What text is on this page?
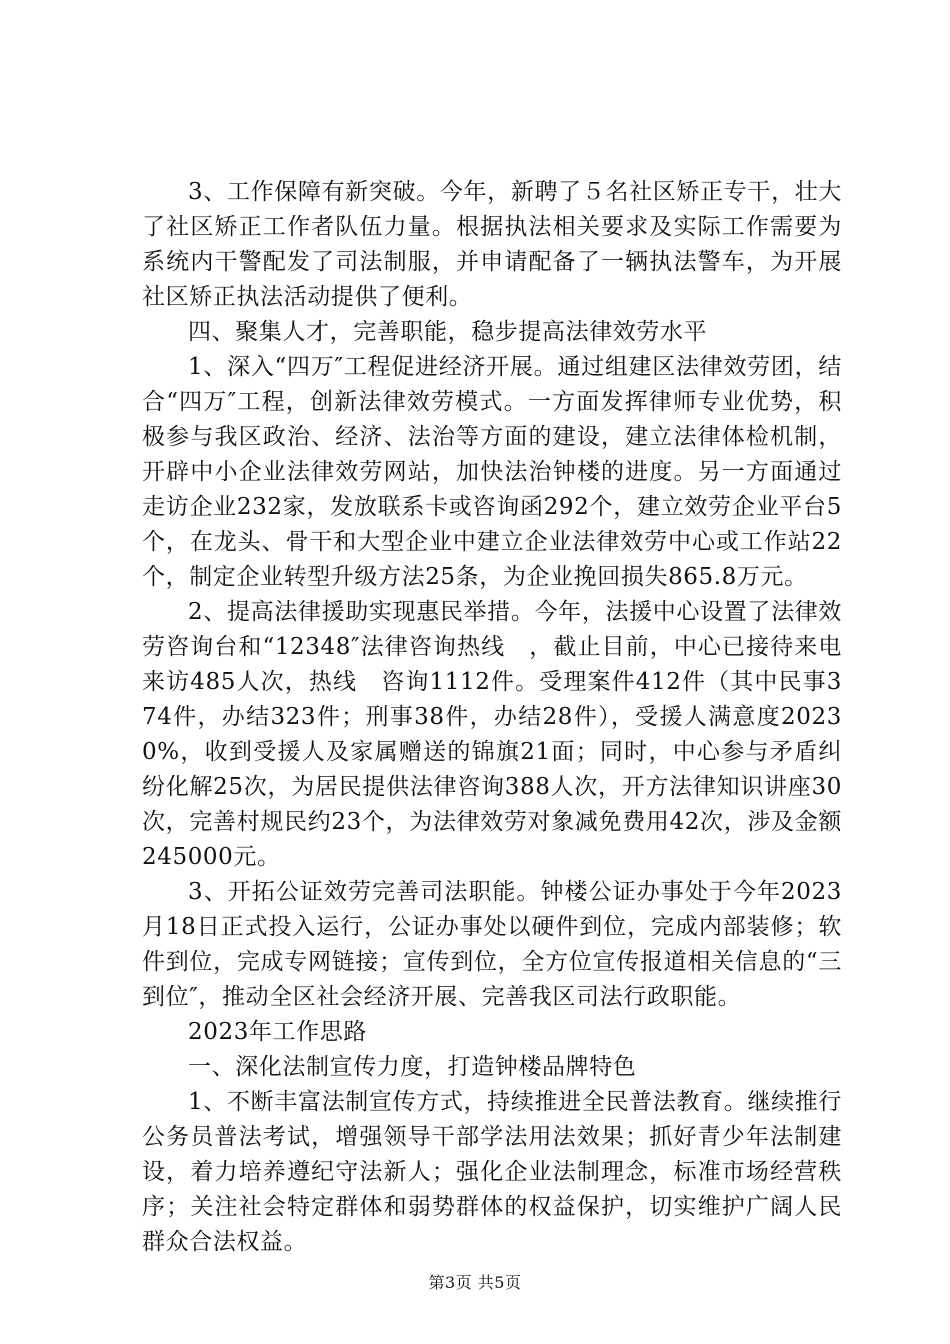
3、工作保障有新突破。今年，新聘了５名社区矫正专干，壮大了社区矫正工作者队伍力量。根据执法相关要求及实际工作需要为系统内干警配发了司法制服，并申请配备了一辆执法警车，为开展社区矫正执法活动提供了便利。

四、聚集人才，完善职能，稳步提高法律效劳水平

1、深入“四万″工程促进经济开展。通过组建区法律效劳团，结合“四万″工程，创新法律效劳模式。一方面发挥律师专业优势，积极参与我区政治、经济、法治等方面的建设，建立法律体检机制，开辟中小企业法律效劳网站，加快法治钟楼的进度。另一方面通过走访企业232家，发放联系卡或咨询函292个，建立效劳企业平台5个，在龙头、骨干和大型企业中建立企业法律效劳中心或工作站22个，制定企业转型升级方法25条，为企业挽回损失865.8万元。

2、提高法律援助实现惠民举措。今年，法援中心设置了法律效劳咨询台和“12348″法律咨询热线　，截止目前，中心已接待来电来访485人次，热线　咨询1112件。受理案件412件（其中民事374件，办结323件；刑事38件，办结28件），受援人满意度20230%，收到受援人及家属赠送的锦旗21面；同时，中心参与矛盾纠纷化解25次，为居民提供法律咨询388人次，开方法律知识讲座30次，完善村规民约23个，为法律效劳对象减免费用42次，涉及金额245000元。

3、开拓公证效劳完善司法职能。钟楼公证办事处于今年2023月18日正式投入运行，公证办事处以硬件到位，完成内部装修；软件到位，完成专网链接；宣传到位，全方位宣传报道相关信息的“三到位″，推动全区社会经济开展、完善我区司法行政职能。

2023年工作思路

一、深化法制宣传力度，打造钟楼品牌特色

1、不断丰富法制宣传方式，持续推进全民普法教育。继续推行公务员普法考试，增强领导干部学法用法效果；抓好青少年法制建设，着力培养遵纪守法新人；强化企业法制理念，标准市场经营秩序；关注社会特定群体和弱势群体的权益保护，切实维护广阔人民群众合法权益。

第3页 共5页
